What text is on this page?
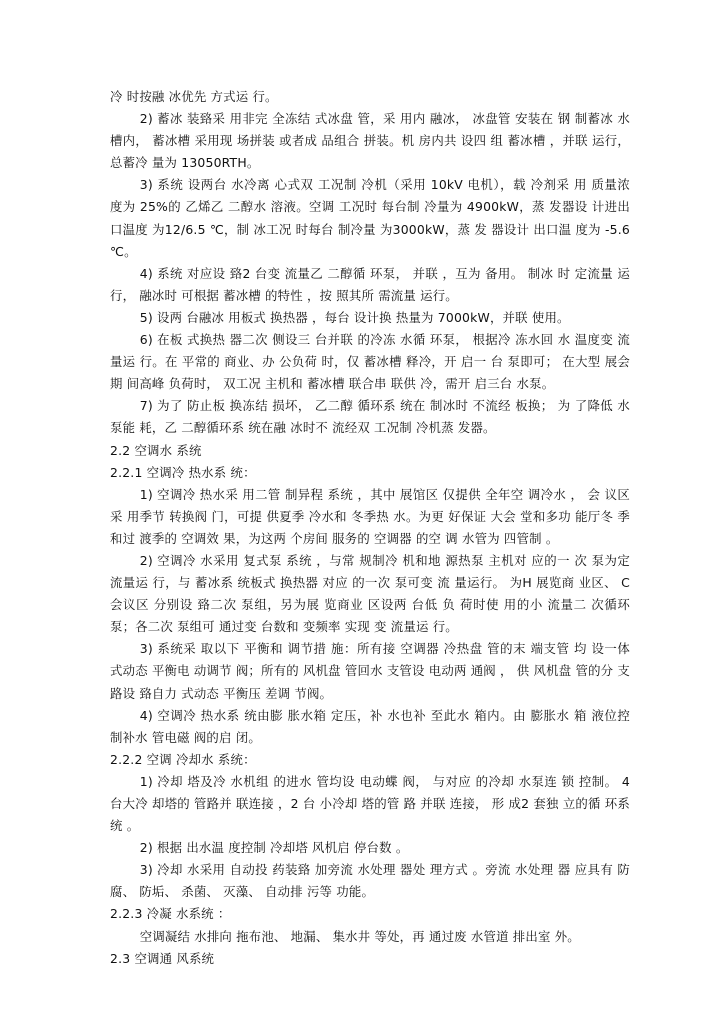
冷 时按融 冰优先 方式运 行。

2) 蓄冰 装臵采 用非完 全冻结 式冰盘 管，采 用内 融冰， 冰盘管 安装在 钢 制蓄冰 水槽内， 蓄冰槽 采用现 场拼装 或者成 品组合 拼装。机 房内共 设四 组 蓄冰槽 ，并联 运行， 总蓄冷 量为 13050RTH。

3) 系统 设两台 水冷离 心式双 工况制 冷机（采用 10kV 电机），载 冷剂采 用 质量浓 度为 25%的 乙烯乙 二醇水 溶液。空调 工况时 每台制 冷量为 4900kW，蒸 发器设 计进出 口温度 为12/6.5 ℃，制 冰工况 时每台 制冷量 为3000kW，蒸 发 器设计 出口温 度为 -5.6 ℃。

4) 系统 对应设 臵2 台变 流量乙 二醇循 环泵， 并联 ，互为 备用。 制冰 时 定流量 运行， 融冰时 可根据 蓄冰槽 的特性 ，按 照其所 需流量 运行。

5) 设两 台融冰 用板式 换热器 ，每台 设计换 热量为 7000kW，并联 使用。

6) 在板 式换热 器二次 侧设三 台并联 的冷冻 水循 环泵， 根据冷 冻水回 水 温度变 流量运 行。在 平常的 商业、办 公负荷 时，仅 蓄冰槽 释冷，开 启一 台 泵即可； 在大型 展会期 间高峰 负荷时， 双工况 主机和 蓄冰槽 联合串 联供 冷，需开 启三台 水泵。

7) 为了 防止板 换冻结 损坏， 乙二醇 循环系 统在 制冰时 不流经 板换； 为 了降低 水泵能 耗，乙 二醇循环系 统在融 冰时不 流经双 工况制 冷机蒸 发器。

2.2 空调水 系统

2.2.1 空调冷 热水系 统：

1) 空调冷 热水采 用二管 制异程 系统 ，其中 展馆区 仅提供 全年空 调冷水 ， 会 议区采 用季节 转换阀 门，可提 供夏季 冷水和 冬季热 水。为更 好保证 大会 堂和多功 能厅冬 季和过 渡季的 空调效 果，为这两 个房间 服务的 空调器 的空 调 水管为 四管制 。

2) 空调冷 水采用 复式泵 系统 ，与常 规制冷 机和地 源热泵 主机对 应的一 次 泵为定 流量运 行，与 蓄冰系 统板式 换热器 对应 的一次 泵可变 流 量运行。 为H 展览商 业区、 C 会议区 分别设 臵二次 泵组，另为展 览商业 区设两 台低 负 荷时使 用的小 流量二 次循环 泵；各二次 泵组可 通过变 台数和 变频率 实现 变 流量运 行。

3) 系统采 取以下 平衡和 调节措 施：所有接 空调器 冷热盘 管的末 端支管 均 设一体 式动态 平衡电 动调节 阀；所有的 风机盘 管回水 支管设 电动两 通阀 ， 供 风机盘 管的分 支路设 臵自力 式动态 平衡压 差调 节阀。

4) 空调冷 热水系 统由膨 胀水箱 定压，补 水也补 至此水 箱内。由 膨胀水 箱 液位控 制补水 管电磁 阀的启 闭。

2.2.2 空调 冷却水 系统：

1) 冷却 塔及冷 水机组 的进水 管均设 电动蝶 阀， 与对应 的冷却 水泵连 锁 控制。 4 台大冷 却塔的 管路并 联连接 ，2 台 小冷却 塔的管 路 并联 连接， 形 成2 套独 立的循 环系统 。

2) 根据 出水温 度控制 冷却塔 风机启 停台数 。

3) 冷却 水采用 自动投 药装臵 加旁流 水处理 器处 理方式 。旁流 水处理 器 应具有 防腐、 防垢、 杀菌、 灭藻、 自动排 污等 功能。

2.2.3 冷凝 水系统 ：

空调凝结 水排向 拖布池、 地漏、 集水井 等处，再 通过废 水管道 排出室 外。

2.3 空调通 风系统
